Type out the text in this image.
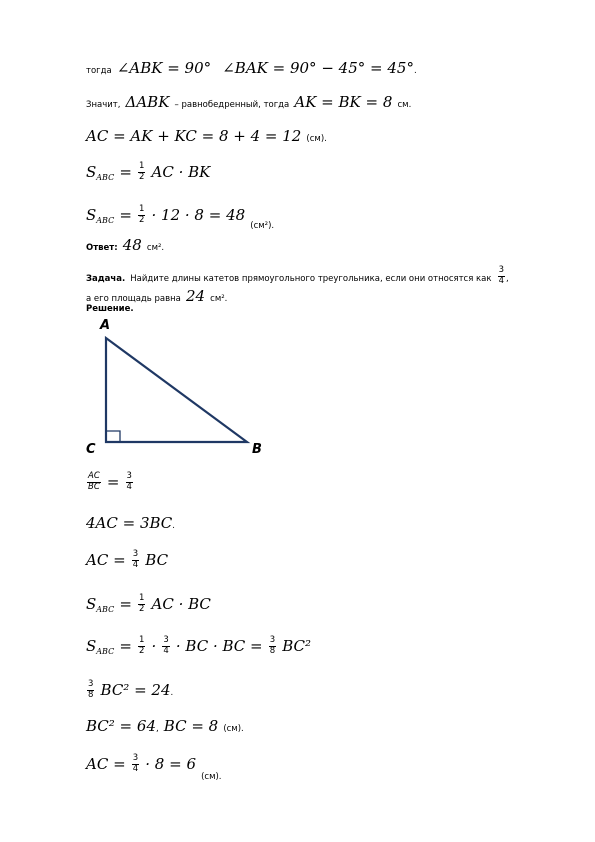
тогда ∠ABK = 90° ∠BAK = 90° − 45° = 45°.
Значит, ΔABK – равнобедренный, тогда AK = BK = 8 см.
AC = AK + KC = 8 + 4 = 12 (см).
$S_{ABC} = \frac{1}{2}$ AC · BK
$S_{ABC} = \frac{1}{2} \cdot 12 \cdot 8 = 48$ $_{(см^2).}$
Ответ: 48 см².
Задача. Найдите длины катетов прямоугольного треугольника, если они относятся как $\frac{3}{4}$ ,
а его площадь равна 24 см².
Решение.
A
C	B
$\frac{AC}{BC} = \frac{3}{4}$
4AC = 3BC.
AC = $\frac{3}{4}$ BC
$S_{ABC} = \frac{1}{2}$ AC · BC
$S_{ABC} = \frac{1}{2} \cdot \frac{3}{4}$ · BC · BC = $\frac{3}{8} BC^2$
$\frac{3}{8} BC^2 = 24$.
BC² = 64, BC = 8 (см).
AC = $\frac{3}{4} \cdot 8 = 6$ $_{(см).}$
